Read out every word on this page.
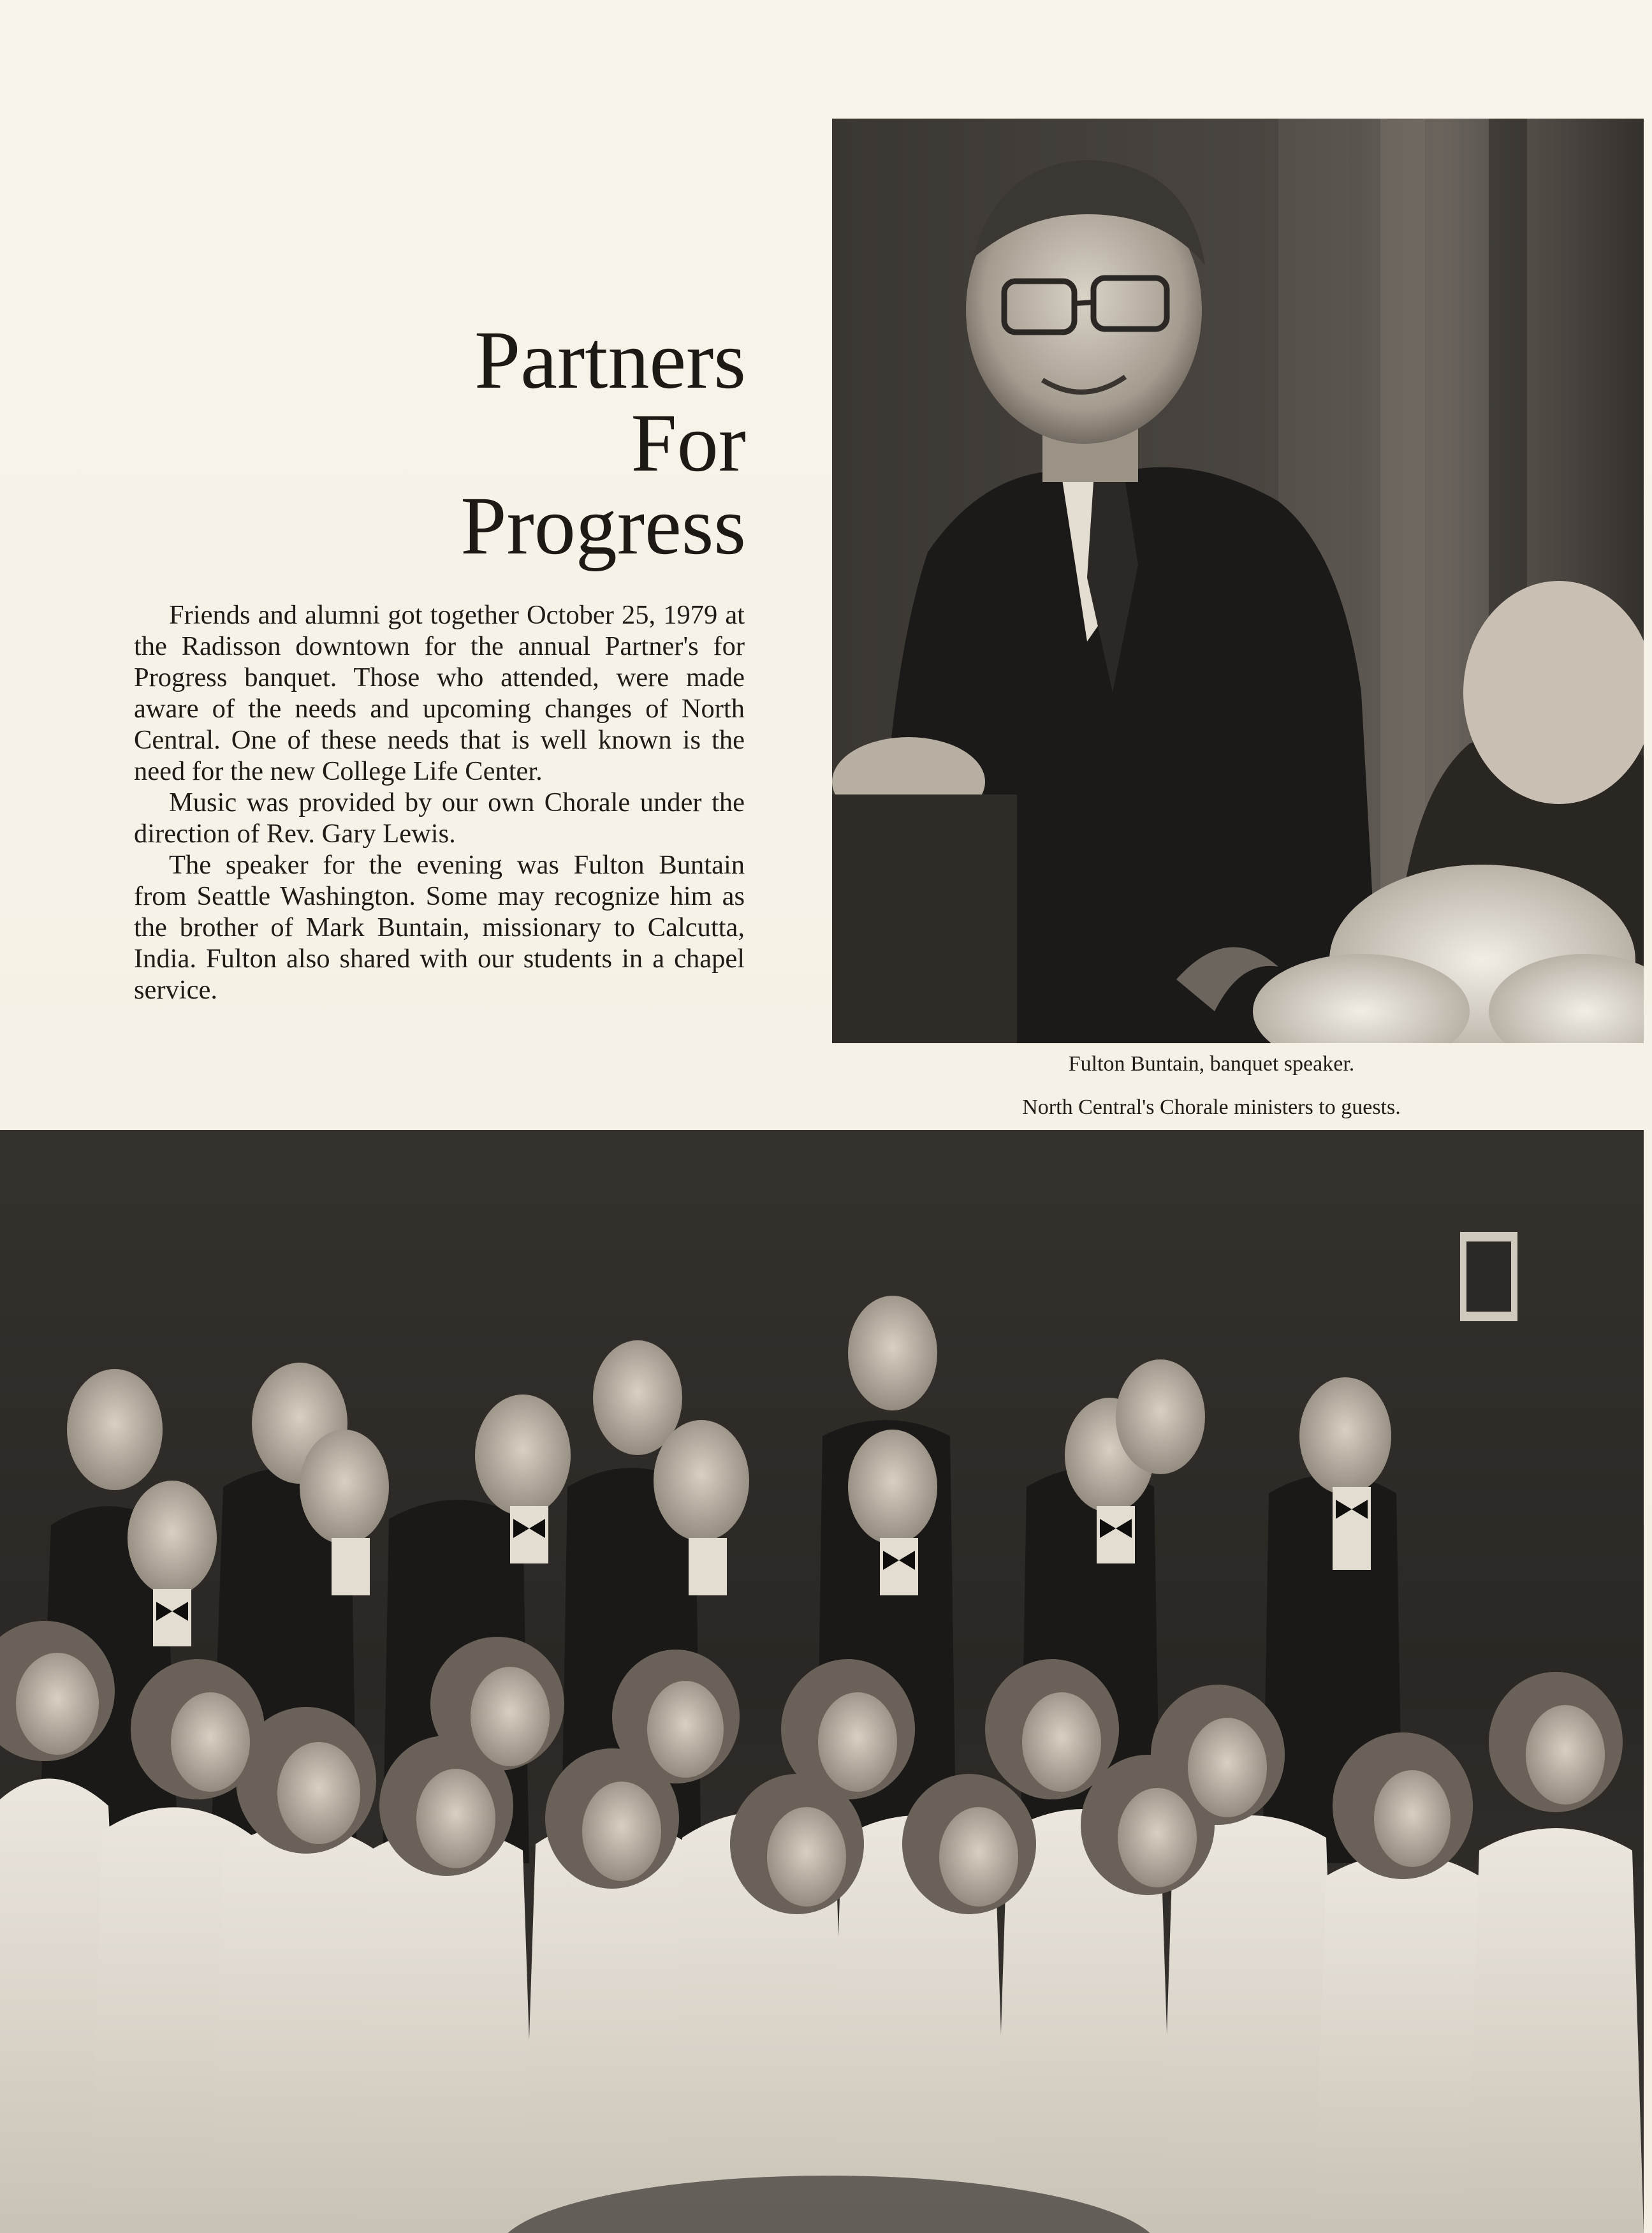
Partners
For
Progress

Friends and alumni got together October 25, 1979 at the Radisson downtown for the annual Partner's for Progress banquet. Those who attended, were made aware of the needs and upcoming changes of North Central. One of these needs that is well known is the need for the new College Life Center.

Music was provided by our own Chorale under the direction of Rev. Gary Lewis.

The speaker for the evening was Fulton Buntain from Seattle Washington. Some may recognize him as the brother of Mark Buntain, missionary to Calcutta, India. Fulton also shared with our students in a chapel service.

Fulton Buntain, banquet speaker.
North Central's Chorale ministers to guests.
